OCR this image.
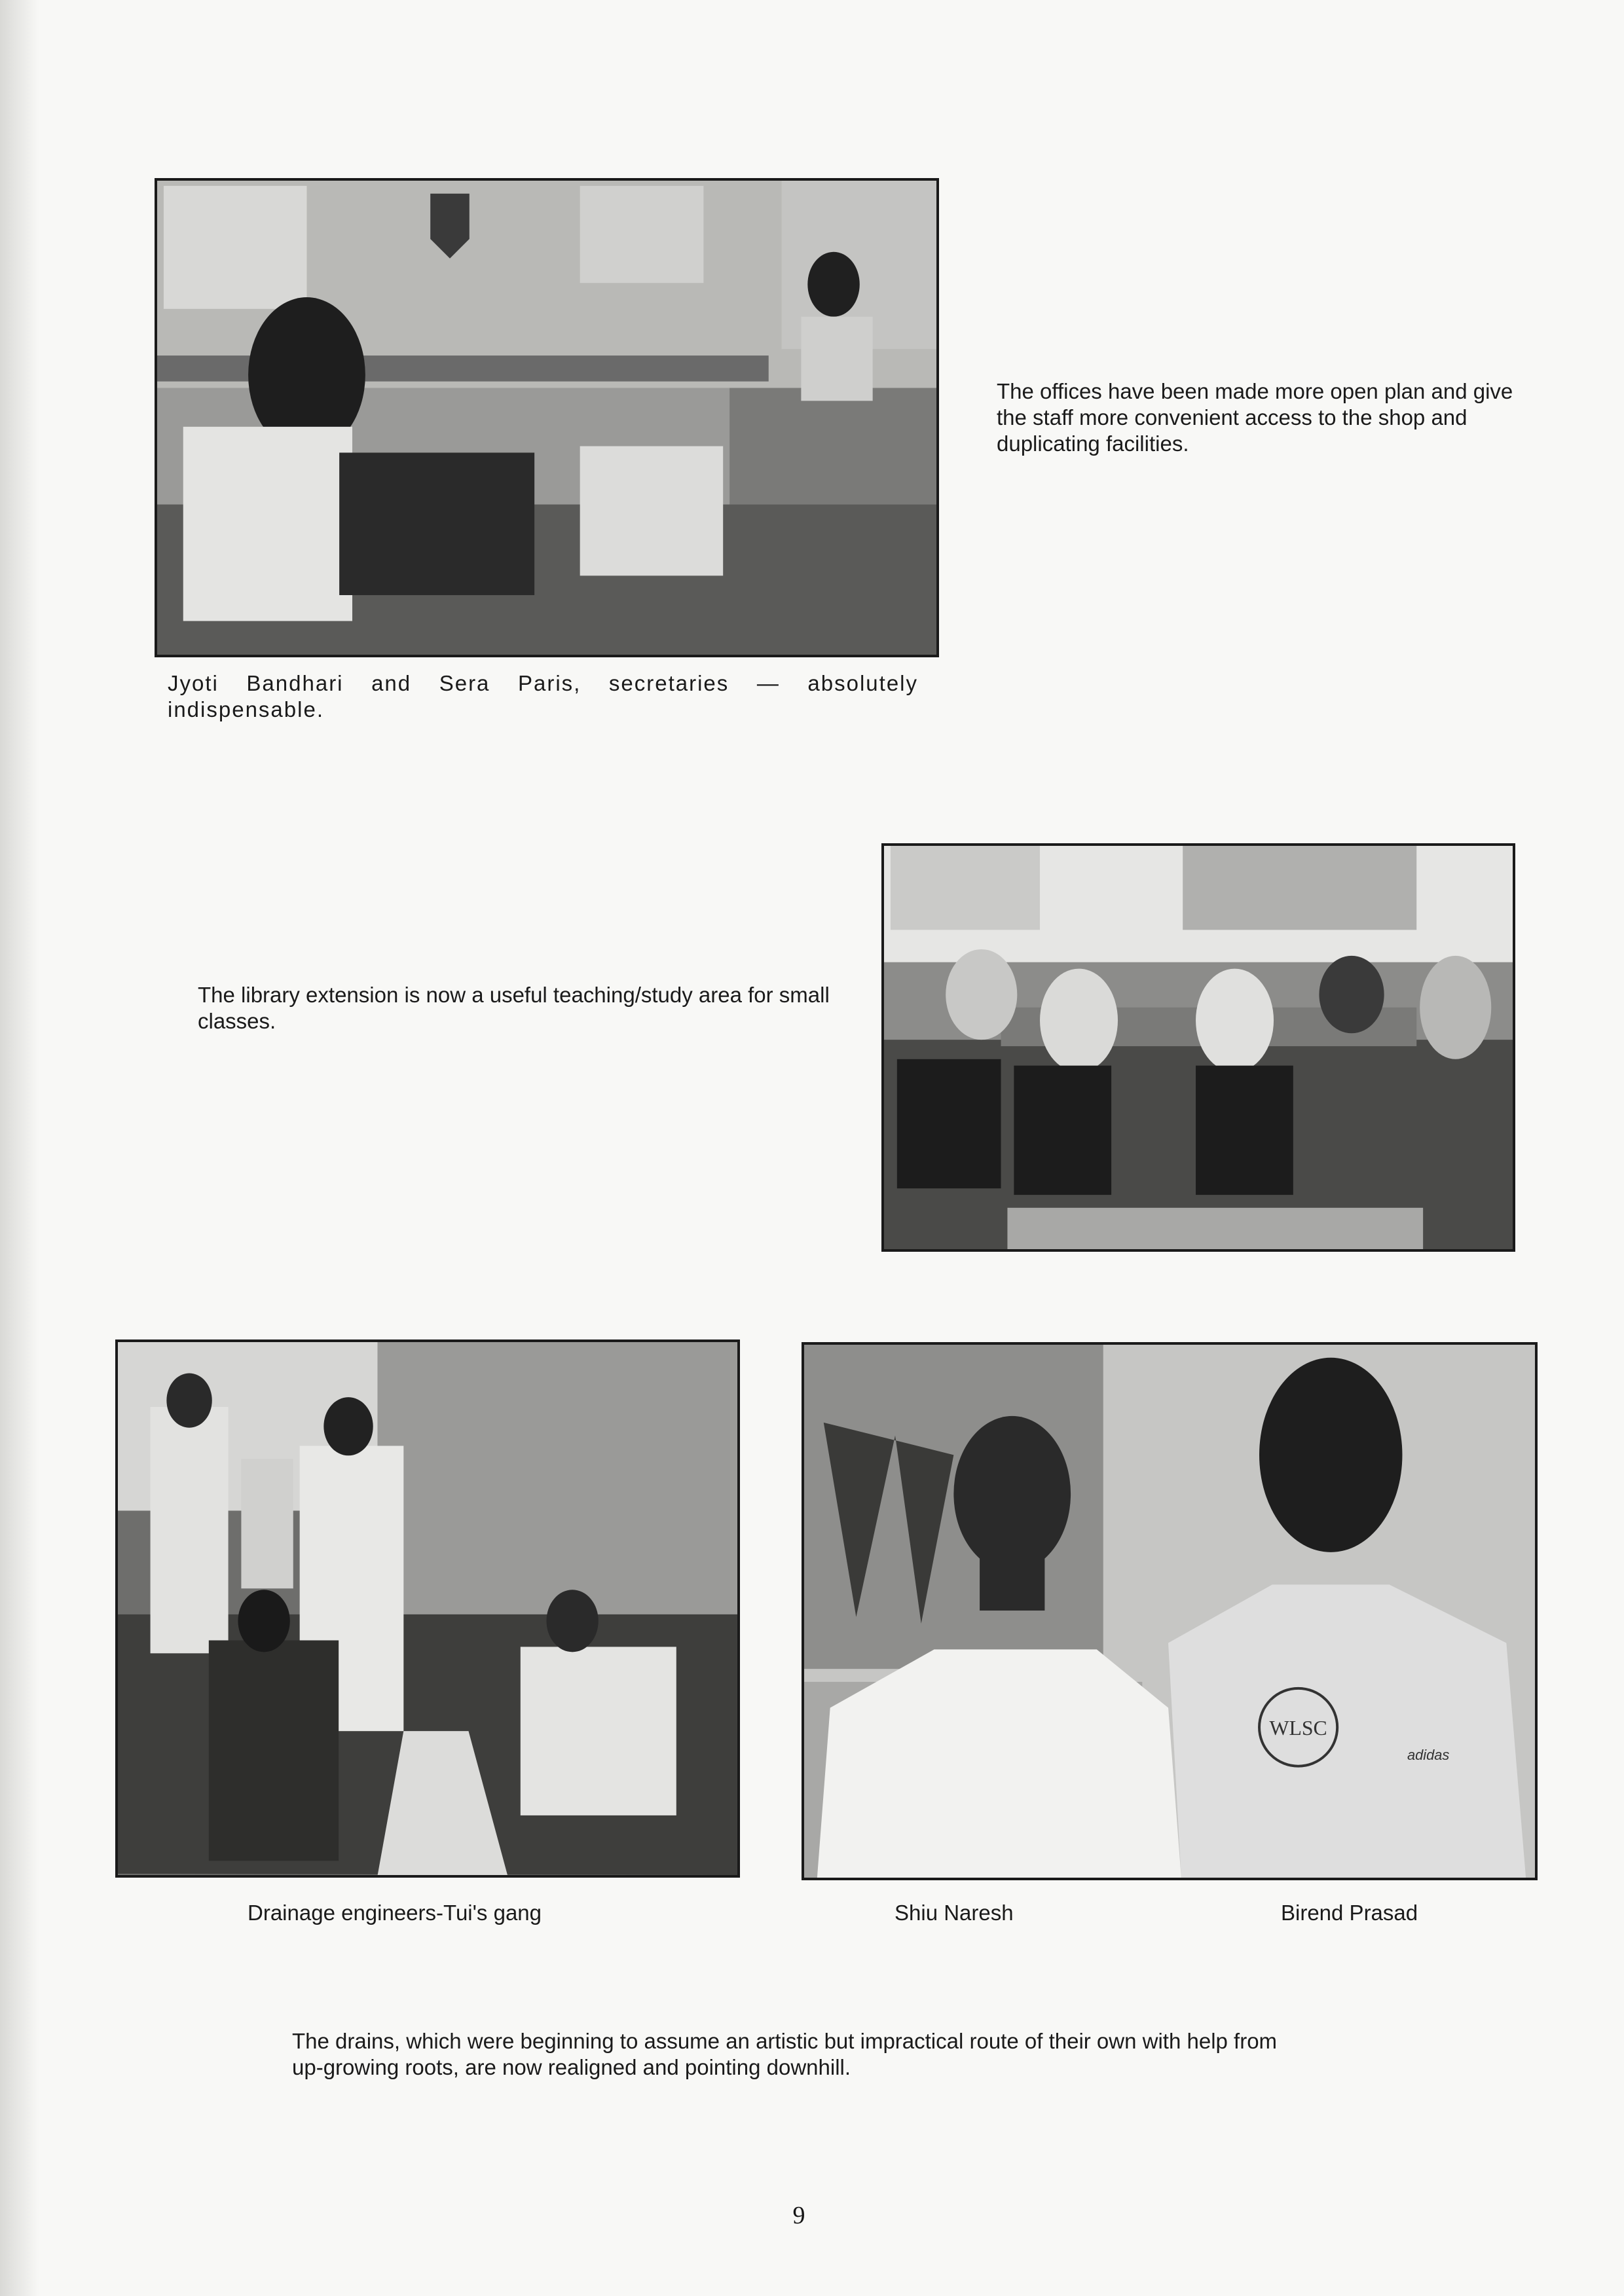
Jyoti Bandhari and Sera Paris, secretaries — absolutely indispensable.
The offices have been made more open plan and give the staff more convenient access to the shop and duplicating facilities.
The library extension is now a useful teaching/study area for small classes.
WLSC
adidas
Drainage engineers-Tui's gang	Shiu Naresh	Birend Prasad
The drains, which were beginning to assume an artistic but impractical route of their own with help from up-growing roots, are now realigned and pointing downhill.
9
